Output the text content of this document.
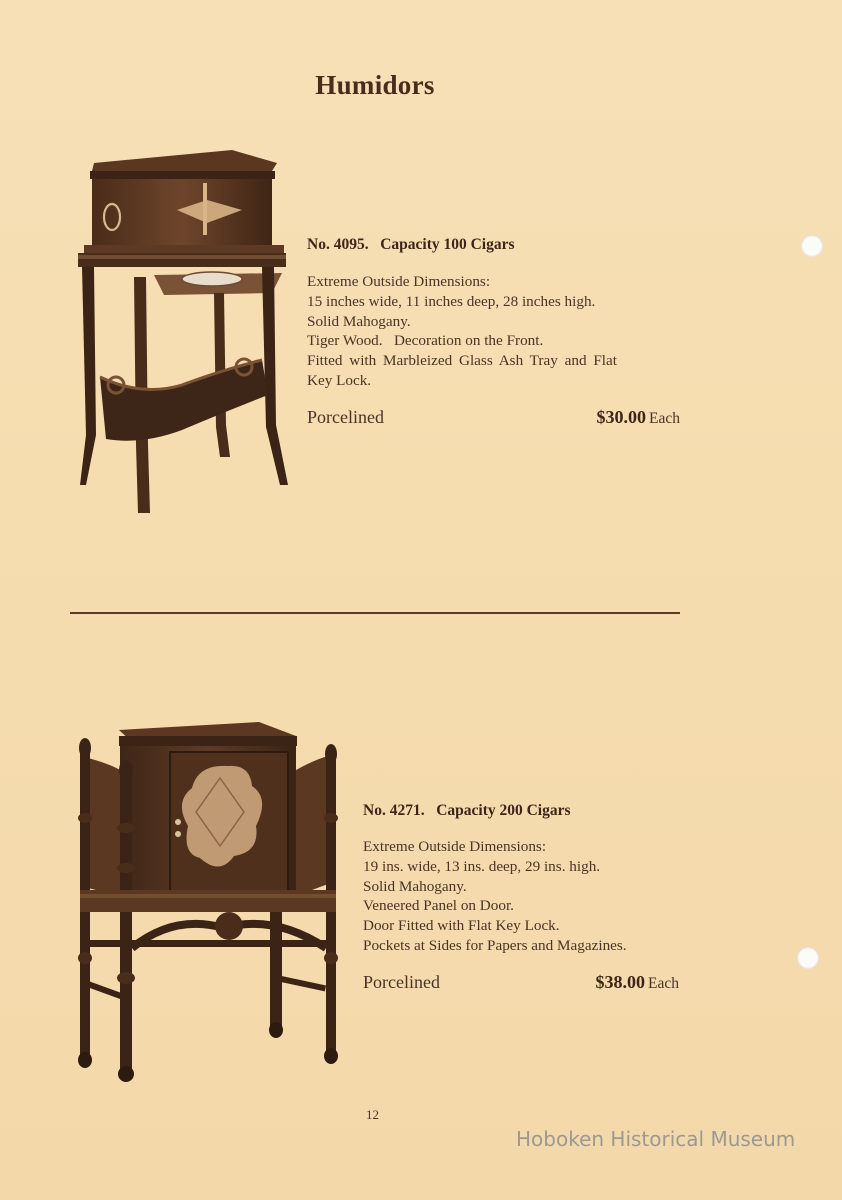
Humidors
No. 4095.   Capacity 100 Cigars
Extreme Outside Dimensions:
15 inches wide, 11 inches deep, 28 inches high.
Solid Mahogany.
Tiger Wood.   Decoration on the Front.
Fitted with Marbleized Glass Ash Tray and Flat
Key Lock.
Porcelined	$30.00 Each
No. 4271.   Capacity 200 Cigars
Extreme Outside Dimensions:
19 ins. wide, 13 ins. deep, 29 ins. high.
Solid Mahogany.
Veneered Panel on Door.
Door Fitted with Flat Key Lock.
Pockets at Sides for Papers and Magazines.
Porcelined	$38.00 Each
12
Hoboken Historical Museum
